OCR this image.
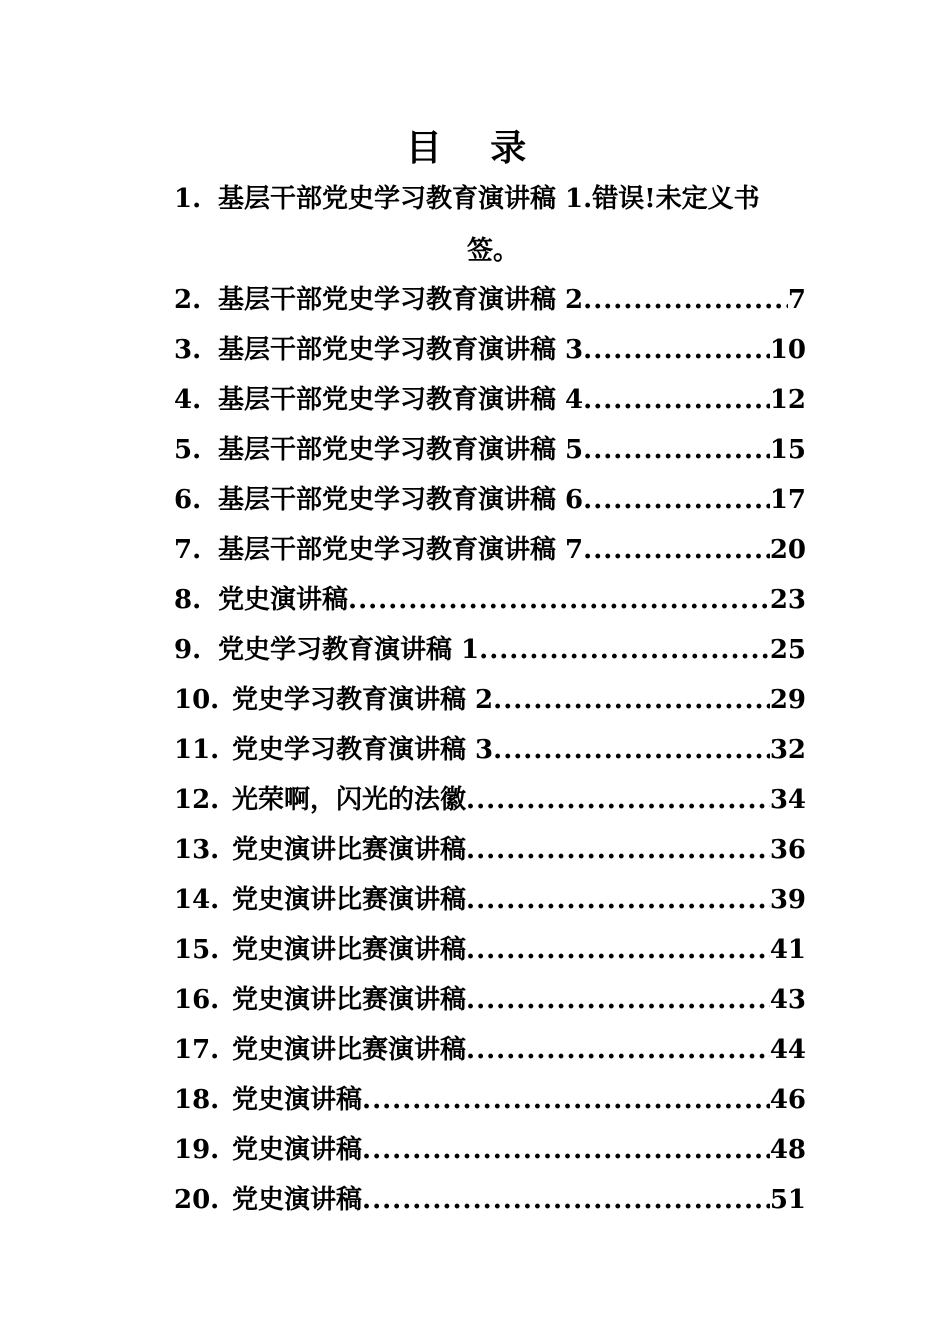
目 录
1. 基层干部党史学习教育演讲稿 1. 错误!未定义书
签。
2. 基层干部党史学习教育演讲稿 2 .....	7
3. 基层干部党史学习教育演讲稿 3 .....	10
4. 基层干部党史学习教育演讲稿 4 .....	12
5. 基层干部党史学习教育演讲稿 5 .....	15
6. 基层干部党史学习教育演讲稿 6 .....	17
7. 基层干部党史学习教育演讲稿 7 .....	20
8. 党史演讲稿 .....	23
9. 党史学习教育演讲稿 1 .....	25
10. 党史学习教育演讲稿 2 .....	29
11. 党史学习教育演讲稿 3 .....	32
12. 光荣啊，闪光的法徽 .....	34
13. 党史演讲比赛演讲稿 .....	36
14. 党史演讲比赛演讲稿 .....	39
15. 党史演讲比赛演讲稿 .....	41
16. 党史演讲比赛演讲稿 .....	43
17. 党史演讲比赛演讲稿 .....	44
18. 党史演讲稿 .....	46
19. 党史演讲稿 .....	48
20. 党史演讲稿 .....	51
